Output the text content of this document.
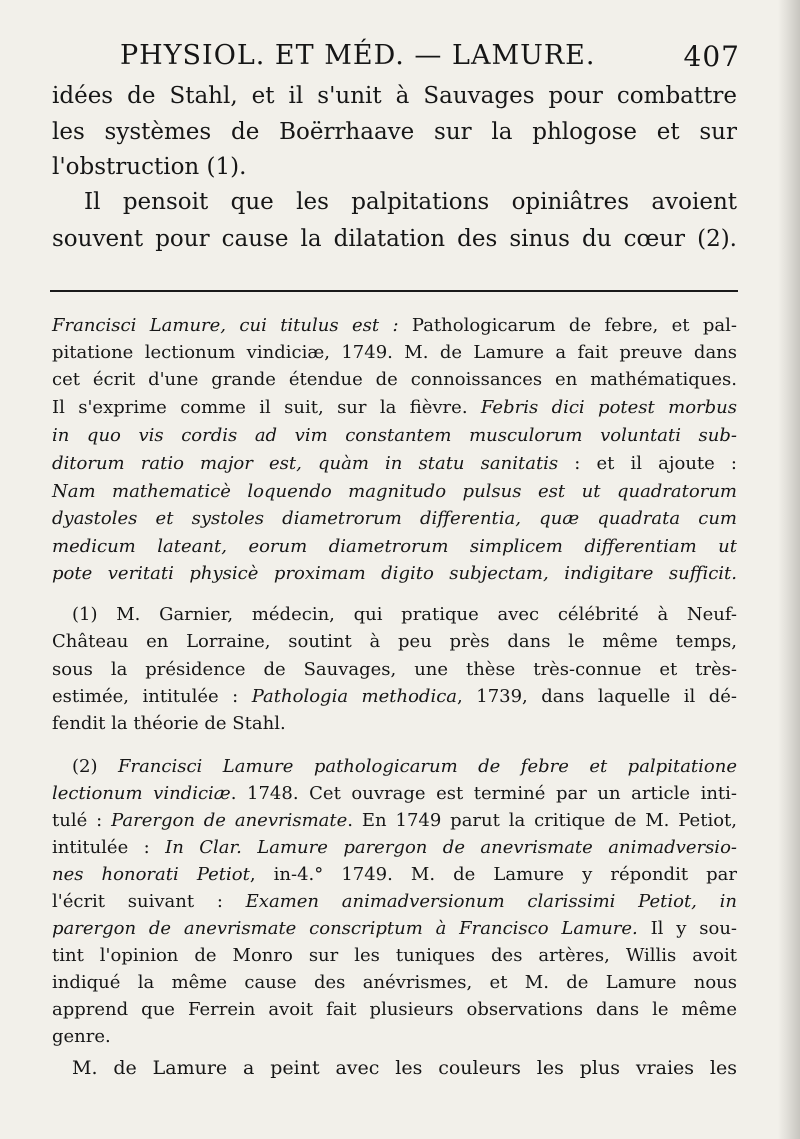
PHYSIOL. ET MÉD. — LAMURE.	407
idées de Stahl, et il s'unit à Sauvages pour combattre
les systèmes de Boërrhaave sur la phlogose et sur
l'obstruction (1).
Il pensoit que les palpitations opiniâtres avoient
souvent pour cause la dilatation des sinus du cœur (2).
Francisci Lamure, cui titulus est : Pathologicarum de febre, et pal-
pitatione lectionum vindiciæ, 1749. M. de Lamure a fait preuve dans
cet écrit d'une grande étendue de connoissances en mathématiques.
Il s'exprime comme il suit, sur la fièvre. Febris dici potest morbus
in quo vis cordis ad vim constantem musculorum voluntati sub-
ditorum ratio major est, quàm in statu sanitatis : et il ajoute :
Nam mathematicè loquendo magnitudo pulsus est ut quadratorum
dyastoles et systoles diametrorum differentia, quæ quadrata cum
medicum lateant, eorum diametrorum simplicem differentiam ut
pote veritati physicè proximam digito subjectam, indigitare sufficit.
(1) M. Garnier, médecin, qui pratique avec célébrité à Neuf-
Château en Lorraine, soutint à peu près dans le même temps,
sous la présidence de Sauvages, une thèse très-connue et très-
estimée, intitulée : Pathologia methodica, 1739, dans laquelle il dé-
fendit la théorie de Stahl.
(2) Francisci Lamure pathologicarum de febre et palpitatione
lectionum vindiciæ. 1748. Cet ouvrage est terminé par un article inti-
tulé : Parergon de anevrismate. En 1749 parut la critique de M. Petiot,
intitulée : In Clar. Lamure parergon de anevrismate animadversio-
nes honorati Petiot, in-4.° 1749. M. de Lamure y répondit par
l'écrit suivant : Examen animadversionum clarissimi Petiot, in
parergon de anevrismate conscriptum à Francisco Lamure. Il y sou-
tint l'opinion de Monro sur les tuniques des artères, Willis avoit
indiqué la même cause des anévrismes, et M. de Lamure nous
apprend que Ferrein avoit fait plusieurs observations dans le même
genre.
M. de Lamure a peint avec les couleurs les plus vraies les
